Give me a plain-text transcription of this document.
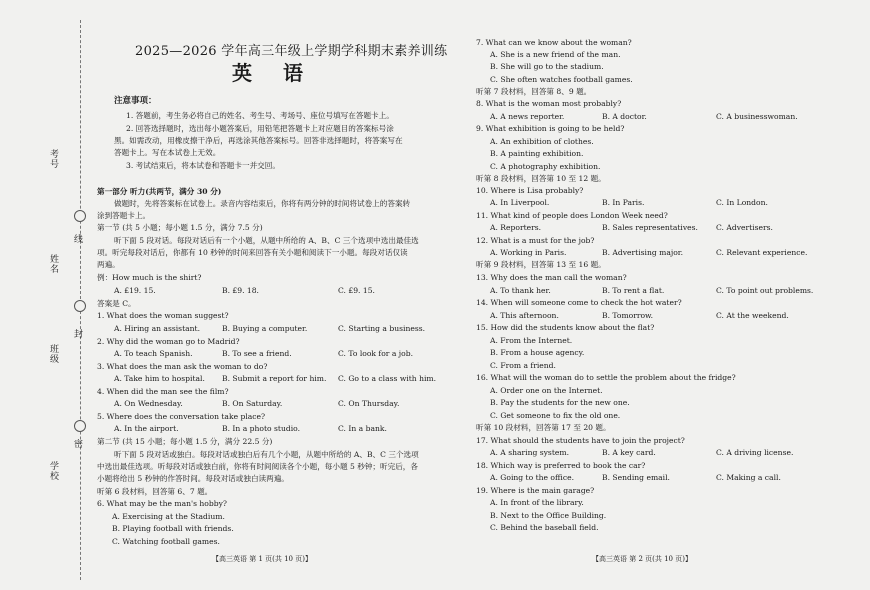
考号
姓名
班级
学校
线
封
密
2025—2026 学年高三年级上学期学科期末素养训练
英 语
注意事项：
1. 答题前，考生务必将自己的姓名、考生号、考场号、座位号填写在答题卡上。
2. 回答选择题时，选出每小题答案后，用铅笔把答题卡上对应题目的答案标号涂
黑。如需改动，用橡皮擦干净后，再选涂其他答案标号。回答非选择题时，将答案写在
答题卡上。写在本试卷上无效。
3. 考试结束后，将本试卷和答题卡一并交回。
第一部分 听力(共两节，满分 30 分)
做题时，先将答案标在试卷上。录音内容结束后，你将有两分钟的时间将试卷上的答案转
涂到答题卡上。
第一节 (共 5 小题；每小题 1.5 分，满分 7.5 分)
听下面 5 段对话。每段对话后有一个小题，从题中所给的 A、B、C 三个选项中选出最佳选
项。听完每段对话后，你都有 10 秒钟的时间来回答有关小题和阅读下一小题。每段对话仅读
两遍。
例：How much is the shirt?
A. £19. 15.	B. £9. 18.	C. £9. 15.
答案是 C。
1. What does the woman suggest?
A. Hiring an assistant.	B. Buying a computer.	C. Starting a business.
2. Why did the woman go to Madrid?
A. To teach Spanish.	B. To see a friend.	C. To look for a job.
3. What does the man ask the woman to do?
A. Take him to hospital. B. Submit a report for him. C. Go to a class with him.
4. When did the man see the film?
A. On Wednesday.	B. On Saturday.	C. On Thursday.
5. Where does the conversation take place?
A. In the airport.	B. In a photo studio.	C. In a bank.
第二节 (共 15 小题；每小题 1.5 分，满分 22.5 分)
听下面 5 段对话或独白。每段对话或独白后有几个小题，从题中所给的 A、B、C 三个选项
中选出最佳选项。听每段对话或独白前，你将有时间阅读各个小题，每小题 5 秒钟；听完后，各
小题将给出 5 秒钟的作答时间。每段对话或独白读两遍。
听第 6 段材料，回答第 6、7 题。
6. What may be the man's hobby?
A. Exercising at the Stadium.
B. Playing football with friends.
C. Watching football games.
【高三英语 第 1 页(共 10 页)】
7. What can we know about the woman?
A. She is a new friend of the man.
B. She will go to the stadium.
C. She often watches football games.
听第 7 段材料，回答第 8、9 题。
8. What is the woman most probably?
A. A news reporter.	B. A doctor.	C. A businesswoman.
9. What exhibition is going to be held?
A. An exhibition of clothes.
B. A painting exhibition.
C. A photography exhibition.
听第 8 段材料，回答第 10 至 12 题。
10. Where is Lisa probably?
A. In Liverpool.	B. In Paris.	C. In London.
11. What kind of people does London Week need?
A. Reporters.	B. Sales representatives. C. Advertisers.
12. What is a must for the job?
A. Working in Paris.	B. Advertising major.	C. Relevant experience.
听第 9 段材料，回答第 13 至 16 题。
13. Why does the man call the woman?
A. To thank her.	B. To rent a flat.	C. To point out problems.
14. When will someone come to check the hot water?
A. This afternoon.	B. Tomorrow.	C. At the weekend.
15. How did the students know about the flat?
A. From the Internet.
B. From a house agency.
C. From a friend.
16. What will the woman do to settle the problem about the fridge?
A. Order one on the Internet.
B. Pay the students for the new one.
C. Get someone to fix the old one.
听第 10 段材料，回答第 17 至 20 题。
17. What should the students have to join the project?
A. A sharing system.	B. A key card.	C. A driving license.
18. Which way is preferred to book the car?
A. Going to the office.	B. Sending email.	C. Making a call.
19. Where is the main garage?
A. In front of the library.
B. Next to the Office Building.
C. Behind the baseball field.
【高三英语 第 2 页(共 10 页)】
